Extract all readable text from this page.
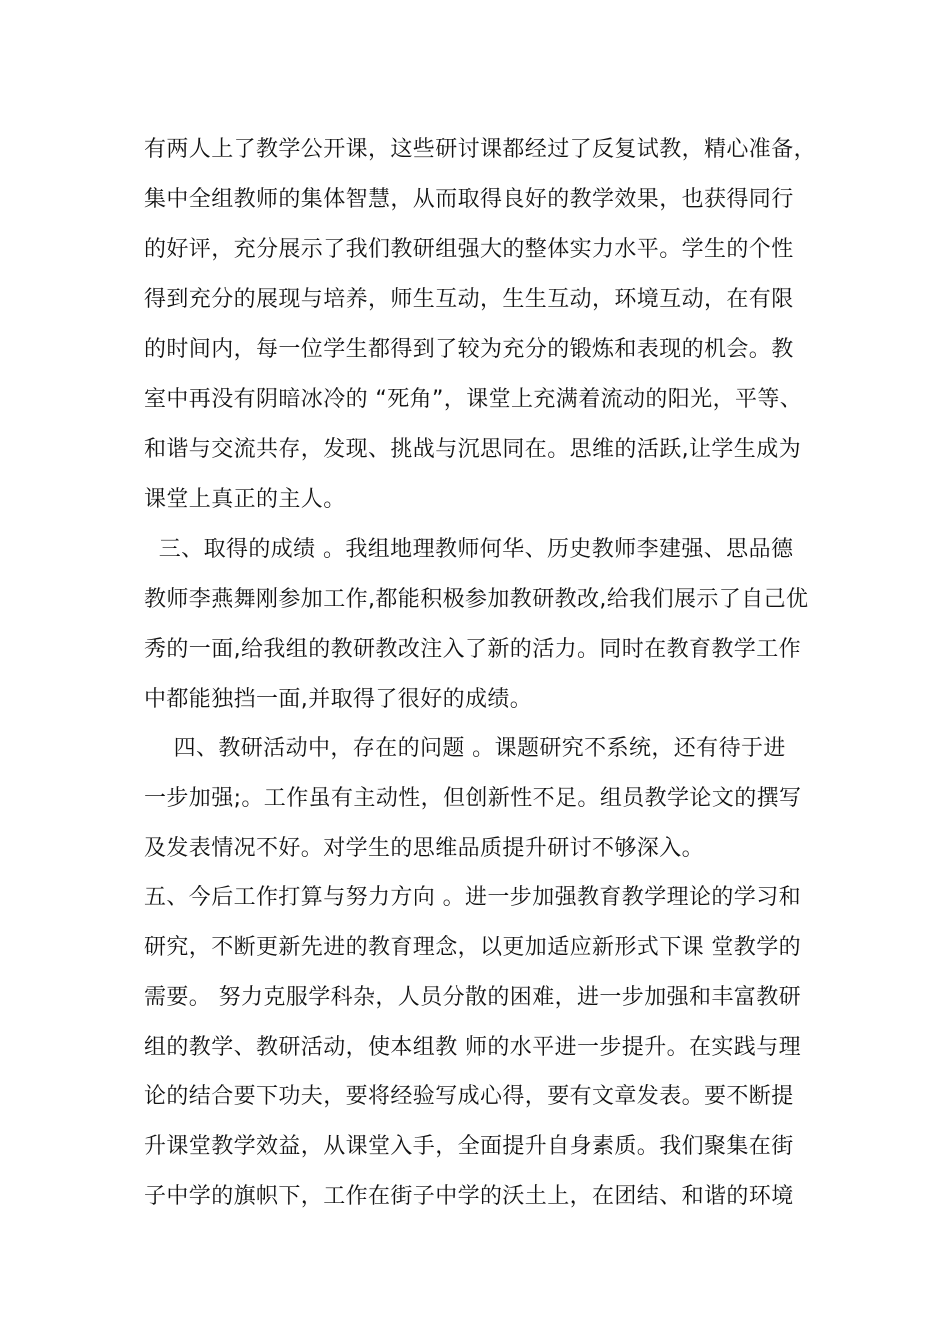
有两人上了教学公开课，这些研讨课都经过了反复试教，精心准备，
集中全组教师的集体智慧，从而取得良好的教学效果，也获得同行
的好评，充分展示了我们教研组强大的整体实力水平。学生的个性
得到充分的展现与培养，师生互动，生生互动，环境互动，在有限
的时间内，每一位学生都得到了较为充分的锻炼和表现的机会。教
室中再没有阴暗冰冷的 “死角”，课堂上充满着流动的阳光，平等、
和谐与交流共存，发现、挑战与沉思同在。思维的活跃,让学生成为
课堂上真正的主人。
三、取得的成绩 。我组地理教师何华、历史教师李建强、思品德
教师李燕舞刚参加工作,都能积极参加教研教改,给我们展示了自己优
秀的一面,给我组的教研教改注入了新的活力。同时在教育教学工作
中都能独挡一面,并取得了很好的成绩。
四、教研活动中，存在的问题 。课题研究不系统，还有待于进
一步加强;。工作虽有主动性，但创新性不足。组员教学论文的撰写
及发表情况不好。对学生的思维品质提升研讨不够深入。
五、今后工作打算与努力方向 。进一步加强教育教学理论的学习和
研究，不断更新先进的教育理念，以更加适应新形式下课 堂教学的
需要。 努力克服学科杂，人员分散的困难，进一步加强和丰富教研
组的教学、教研活动，使本组教 师的水平进一步提升。在实践与理
论的结合要下功夫，要将经验写成心得，要有文章发表。要不断提
升课堂教学效益，从课堂入手，全面提升自身素质。我们聚集在街
子中学的旗帜下，工作在街子中学的沃土上，在团结、和谐的环境
